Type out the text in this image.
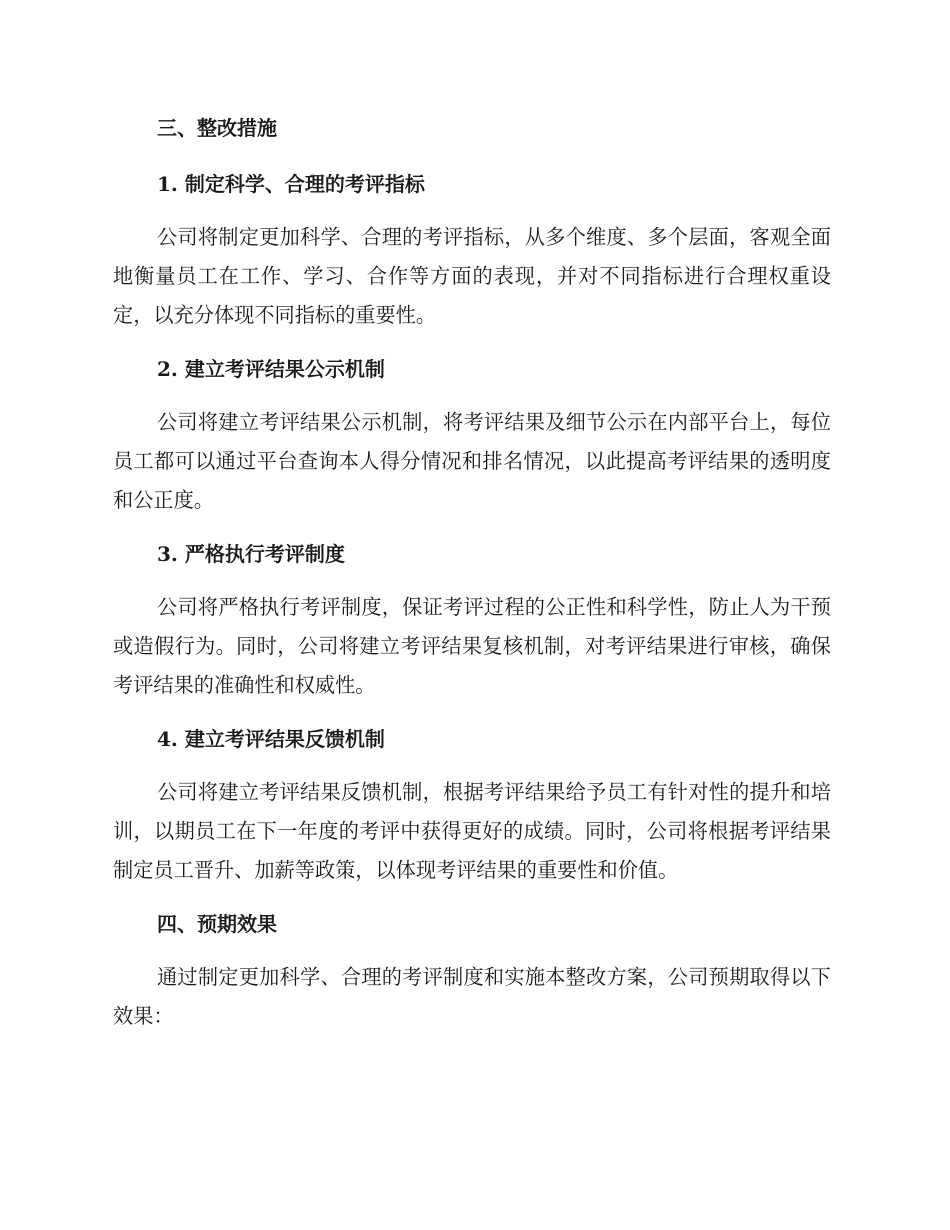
三、整改措施
1. 制定科学、合理的考评指标

公司将制定更加科学、合理的考评指标，从多个维度、多个层面，客观全面地衡量员工在工作、学习、合作等方面的表现，并对不同指标进行合理权重设定，以充分体现不同指标的重要性。

2. 建立考评结果公示机制

公司将建立考评结果公示机制，将考评结果及细节公示在内部平台上，每位员工都可以通过平台查询本人得分情况和排名情况，以此提高考评结果的透明度和公正度。

3. 严格执行考评制度

公司将严格执行考评制度，保证考评过程的公正性和科学性，防止人为干预或造假行为。同时，公司将建立考评结果复核机制，对考评结果进行审核，确保考评结果的准确性和权威性。

4. 建立考评结果反馈机制

公司将建立考评结果反馈机制，根据考评结果给予员工有针对性的提升和培训，以期员工在下一年度的考评中获得更好的成绩。同时，公司将根据考评结果制定员工晋升、加薪等政策，以体现考评结果的重要性和价值。

四、预期效果

通过制定更加科学、合理的考评制度和实施本整改方案，公司预期取得以下效果：
